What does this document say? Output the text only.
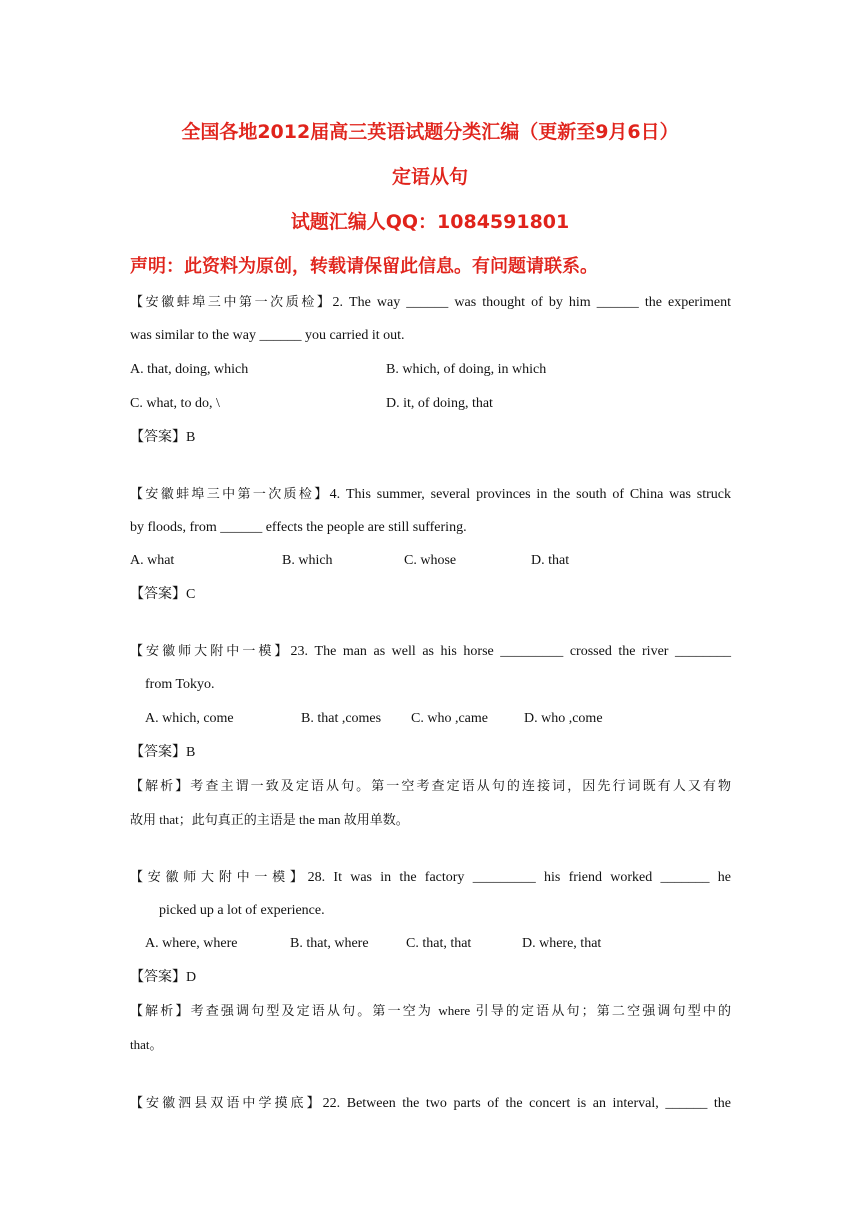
全国各地2012届高三英语试题分类汇编（更新至9月6日）
定语从句
试题汇编人QQ：1084591801
声明：此资料为原创，转载请保留此信息。有问题请联系。
【安徽蚌埠三中第一次质检】2. The way ______ was thought of by him ______ the experiment
was similar to the way ______ you carried it out.
A. that, doing, which	B. which, of doing, in which
C. what, to do, \	D. it, of doing, that
【答案】B
【安徽蚌埠三中第一次质检】4. This summer, several provinces in the south of China was struck
by floods, from ______ effects the people are still suffering.
A. what	B. which	C. whose	D. that
【答案】C
【安徽师大附中一模】23. The man as well as his horse _________ crossed the river ________
from Tokyo.
A. which, come	B. that ,comes C. who ,came	D. who ,come
【答案】B
【解析】考查主谓一致及定语从句。第一空考查定语从句的连接词，因先行词既有人又有物
故用 that；此句真正的主语是 the man 故用单数。
【安徽师大附中一模】28. It was in the factory _________ his friend worked _______ he
picked up a lot of experience.
A. where, where	B. that, where	C. that, that	D. where, that
【答案】D
【解析】考查强调句型及定语从句。第一空为 where 引导的定语从句；第二空强调句型中的
that。
【安徽泗县双语中学摸底】22. Between the two parts of the concert is an interval, ______ the
